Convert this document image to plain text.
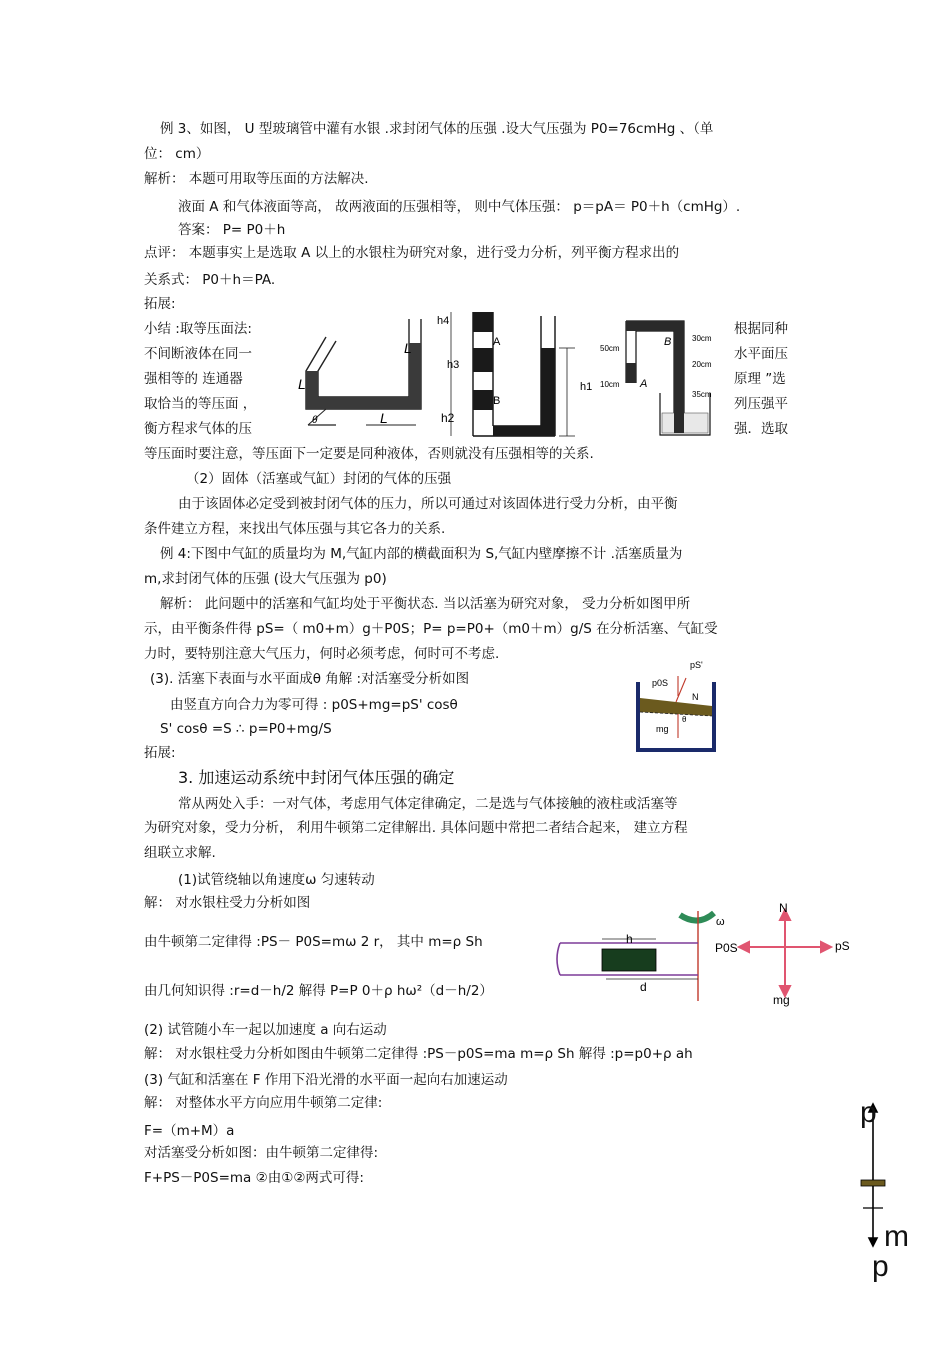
例 3、如图， U 型玻璃管中灌有水银 .求封闭气体的压强 .设大气压强为 P0=76cmHg 、（单
位： cm）
解析： 本题可用取等压面的方法解决.
液面 A 和气体液面等高， 故两液面的压强相等， 则中气体压强： p＝pA＝ P0＋h（cmHg）.
答案： P= P0＋h
点评： 本题事实上是选取 A 以上的水银柱为研究对象，进行受力分析，列平衡方程求出的
关系式： P0＋h＝PA.
拓展:
小结 :取等压面法:
不间断液体在同一
强相等的 连通器
取恰当的等压面 ，
衡方程求气体的压
根据同种
水平面压
原理 ”选
列压强平
强．选取
等压面时要注意，等压面下一定要是同种液体，否则就没有压强相等的关系.
（2）固体（活塞或气缸）封闭的气体的压强
由于该固体必定受到被封闭气体的压力，所以可通过对该固体进行受力分析，由平衡
条件建立方程，来找出气体压强与其它各力的关系.
例 4:下图中气缸的质量均为 M,气缸内部的横截面积为 S,气缸内壁摩擦不计 .活塞质量为
m,求封闭气体的压强 (设大气压强为 p0)
解析： 此问题中的活塞和气缸均处于平衡状态. 当以活塞为研究对象， 受力分析如图甲所
示，由平衡条件得 pS=（ m0+m）g＋P0S；P= p=P0+（m0＋m）g/S 在分析活塞、气缸受
力时，要特别注意大气压力，何时必须考虑，何时可不考虑.
(3). 活塞下表面与水平面成θ 角解 :对活塞受分析如图
由竖直方向合力为零可得 : p0S+mg=pS' cosθ
S' cosθ =S ∴ p=P0+mg/S
拓展:
3. 加速运动系统中封闭气体压强的确定
常从两处入手：一对气体，考虑用气体定律确定，二是选与气体接触的液柱或活塞等
为研究对象，受力分析， 利用牛顿第二定律解出. 具体问题中常把二者结合起来， 建立方程
组联立求解.
(1)试管绕轴以角速度ω 匀速转动
解： 对水银柱受力分析如图
由牛顿第二定律得 :PS－ P0S=mω 2 r， 其中 m=ρ Sh
由几何知识得 :r=d－h/2 解得 P=P 0＋ρ hω²（d－h/2）
(2) 试管随小车一起以加速度 a 向右运动
解： 对水银柱受力分析如图由牛顿第二定律得 :PS－p0S=ma m=ρ Sh 解得 :p=p0+ρ ah
(3) 气缸和活塞在 F 作用下沿光滑的水平面一起向右加速运动
解： 对整体水平方向应用牛顿第二定律:
F=（m+M）a
对活塞受分析如图：由牛顿第二定律得:
F+PS－P0S=ma ②由①②两式可得:
L
L
L
θ
h4
A
h3
h1
B
h2
B
50cm
30cm
20cm
A
10cm
35cm
pS'
p0S
N
θ
mg
ω
h
d
N
P0S	pS
mg
p
m
p
